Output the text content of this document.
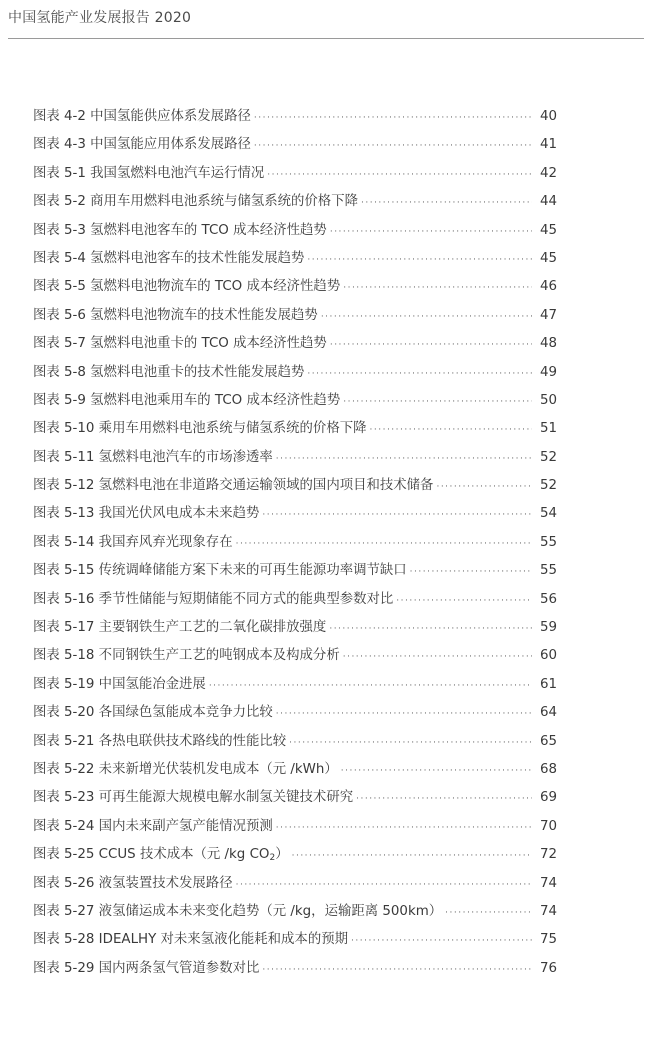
中国氢能产业发展报告 2020
图表 4-2 中国氢能供应体系发展路径 ·····	40
图表 4-3 中国氢能应用体系发展路径 ·····	41
图表 5-1 我国氢燃料电池汽车运行情况 ·····	42
图表 5-2 商用车用燃料电池系统与储氢系统的价格下降 ·····	44
图表 5-3 氢燃料电池客车的 TCO 成本经济性趋势 ·····	45
图表 5-4 氢燃料电池客车的技术性能发展趋势 ·····	45
图表 5-5 氢燃料电池物流车的 TCO 成本经济性趋势 ·····	46
图表 5-6 氢燃料电池物流车的技术性能发展趋势 ·····	47
图表 5-7 氢燃料电池重卡的 TCO 成本经济性趋势 ·····	48
图表 5-8 氢燃料电池重卡的技术性能发展趋势 ·····	49
图表 5-9 氢燃料电池乘用车的 TCO 成本经济性趋势 ·····	50
图表 5-10 乘用车用燃料电池系统与储氢系统的价格下降 ·····	51
图表 5-11 氢燃料电池汽车的市场渗透率 ·····	52
图表 5-12 氢燃料电池在非道路交通运输领域的国内项目和技术储备 ·····	52
图表 5-13 我国光伏风电成本未来趋势 ·····	54
图表 5-14 我国弃风弃光现象存在 ·····	55
图表 5-15 传统调峰储能方案下未来的可再生能源功率调节缺口 ·····	55
图表 5-16 季节性储能与短期储能不同方式的能典型参数对比 ·····	56
图表 5-17 主要钢铁生产工艺的二氧化碳排放强度 ·····	59
图表 5-18 不同钢铁生产工艺的吨钢成本及构成分析 ·····	60
图表 5-19 中国氢能冶金进展 ·····	61
图表 5-20 各国绿色氢能成本竞争力比较 ·····	64
图表 5-21 各热电联供技术路线的性能比较 ·····	65
图表 5-22 未来新增光伏装机发电成本（元 /kWh） ·····	68
图表 5-23 可再生能源大规模电解水制氢关键技术研究 ·····	69
图表 5-24 国内未来副产氢产能情况预测 ·····	70
图表 5-25 CCUS 技术成本（元 /kg $CO_2$） ·····	72
图表 5-26 液氢装置技术发展路径 ·····	74
图表 5-27 液氢储运成本未来变化趋势（元 /kg，运输距离 500km） ·····	74
图表 5-28 IDEALHY 对未来氢液化能耗和成本的预期 ·····	75
图表 5-29 国内两条氢气管道参数对比 ·····	76
